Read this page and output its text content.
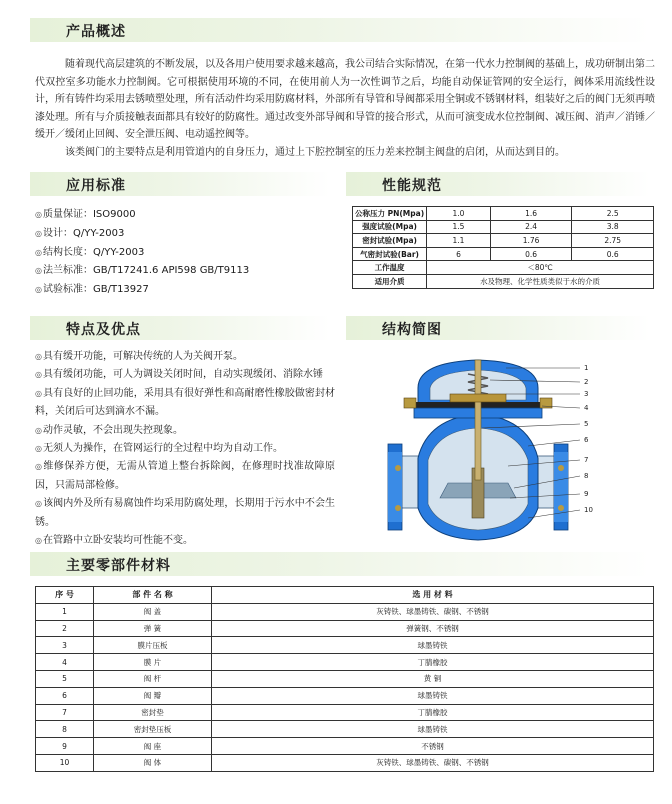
产品概述

随着现代高层建筑的不断发展，以及各用户使用要求越来越高，我公司结合实际情况，在第一代水力控制阀的基础上，成功研制出第二代双控室多功能水力控制阀。它可根据使用环境的不同，在使用前人为一次性调节之后，均能自动保证管网的安全运行，阀体采用流线性设计，所有铸件均采用去锈喷塑处理，所有活动件均采用防腐材料，外部所有导管和导阀都采用全铜或不锈钢材料，组装好之后的阀门无须再喷漆处理。所有与介质接触表面都具有较好的防腐性。通过改变外部导阀和导管的接合形式，从而可演变成水位控制阀、减压阀、消声／消锤／缓开／缓闭止回阀、安全泄压阀、电动遥控阀等。

该类阀门的主要特点是利用管道内的自身压力，通过上下腔控制室的压力差来控制主阀盘的启闭，从而达到目的。

应用标准
◎ 质量保证：ISO9000
◎ 设计：Q/YY-2003
◎ 结构长度：Q/YY-2003
◎ 法兰标准：GB/T17241.6 API598 GB/T9113
◎ 试验标准：GB/T13927
性能规范
公称压力 PN(Mpa)	1.0	1.6	2.5
强度试验(Mpa)	1.5	2.4	3.8
密封试验(Mpa)	1.1	1.76	2.75
气密封试验(Bar)	6	0.6	0.6
工作温度	＜80℃		
适用介质	水及物理、化学性质类似于水的介质		
特点及优点
◎ 具有缓开功能，可解决传统的人为关阀开泵。
◎ 具有缓闭功能，可人为调设关闭时间，自动实现缓闭、消除水锤
◎ 具有良好的止回功能，采用具有很好弹性和高耐磨性橡胶做密封材料，关闭后可达到滴水不漏。
◎ 动作灵敏，不会出现失控现象。
◎ 无须人为操作，在管网运行的全过程中均为自动工作。
◎ 维修保养方便，无需从管道上整台拆除阀，在修理时找准故障原因，只需局部检修。
◎ 该阀内外及所有易腐蚀件均采用防腐处理，长期用于污水中不会生锈。
◎ 在管路中立卧安装均可性能不变。
结构简图
1
2
3
4
5
6
7
8
9
10
主要零部件材料
序 号	部 件 名 称	选 用 材 料
1	阀 盖	灰铸铁、球墨铸铁、碳钢、不锈钢
2	弹 簧	弹簧钢、不锈钢
3	膜片压板	球墨铸铁
4	膜 片	丁腈橡胶
5	阀 杆	黄 铜
6	阀 瓣	球墨铸铁
7	密封垫	丁腈橡胶
8	密封垫压板	球墨铸铁
9	阀 座	不锈钢
10	阀 体	灰铸铁、球墨铸铁、碳钢、不锈钢
